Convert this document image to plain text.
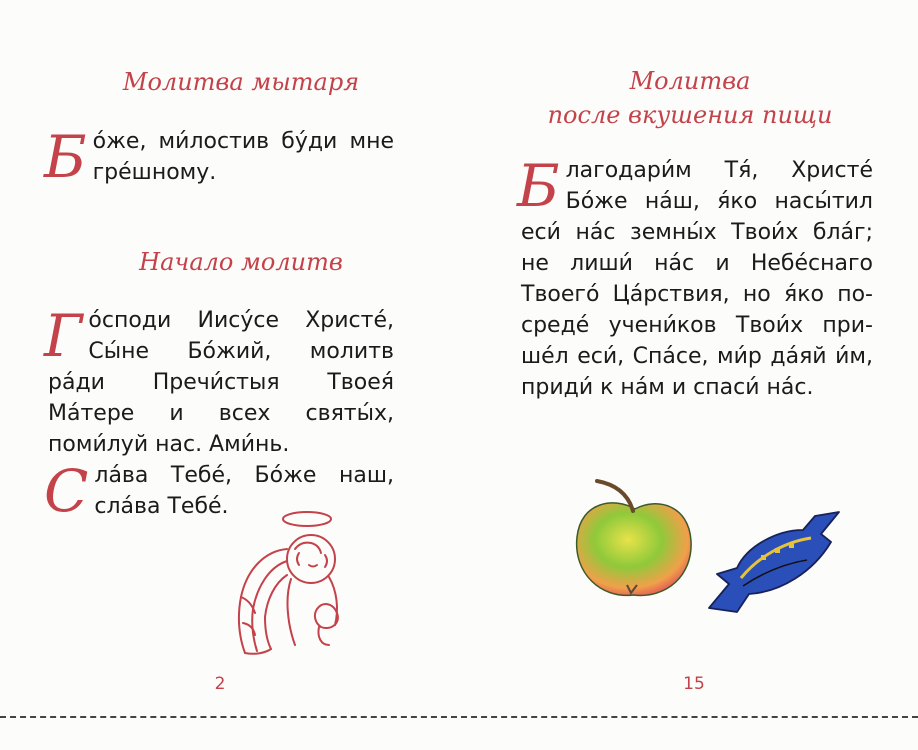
Молитва мытаря

Бо́же, ми́лостив бу́ди мне гре́шному.

Начало молитв

Го́споди Иису́се Христе́, Сы́не Бо́жий, молитв ра́ди Пречи́стыя Твоея́ Ма́тере и всех святы́х, поми́луй нас. Ами́нь.

Сла́ва Тебе́, Бо́же наш, сла́ва Тебе́.

2
Молитва
после вкушения пищи

Благодари́м Тя́, Христе́ Бо́же на́ш, я́ко насы́тил еси́ на́с земны́х Твои́х бла́г; не лиши́ на́с и Небе́снаго Твоего́ Ца́рствия, но я́ко посреде́ учени́ков Твои́х прише́л еси́, Спа́се, ми́р да́яй и́м, приди́ к на́м и спаси́ на́с.

15
